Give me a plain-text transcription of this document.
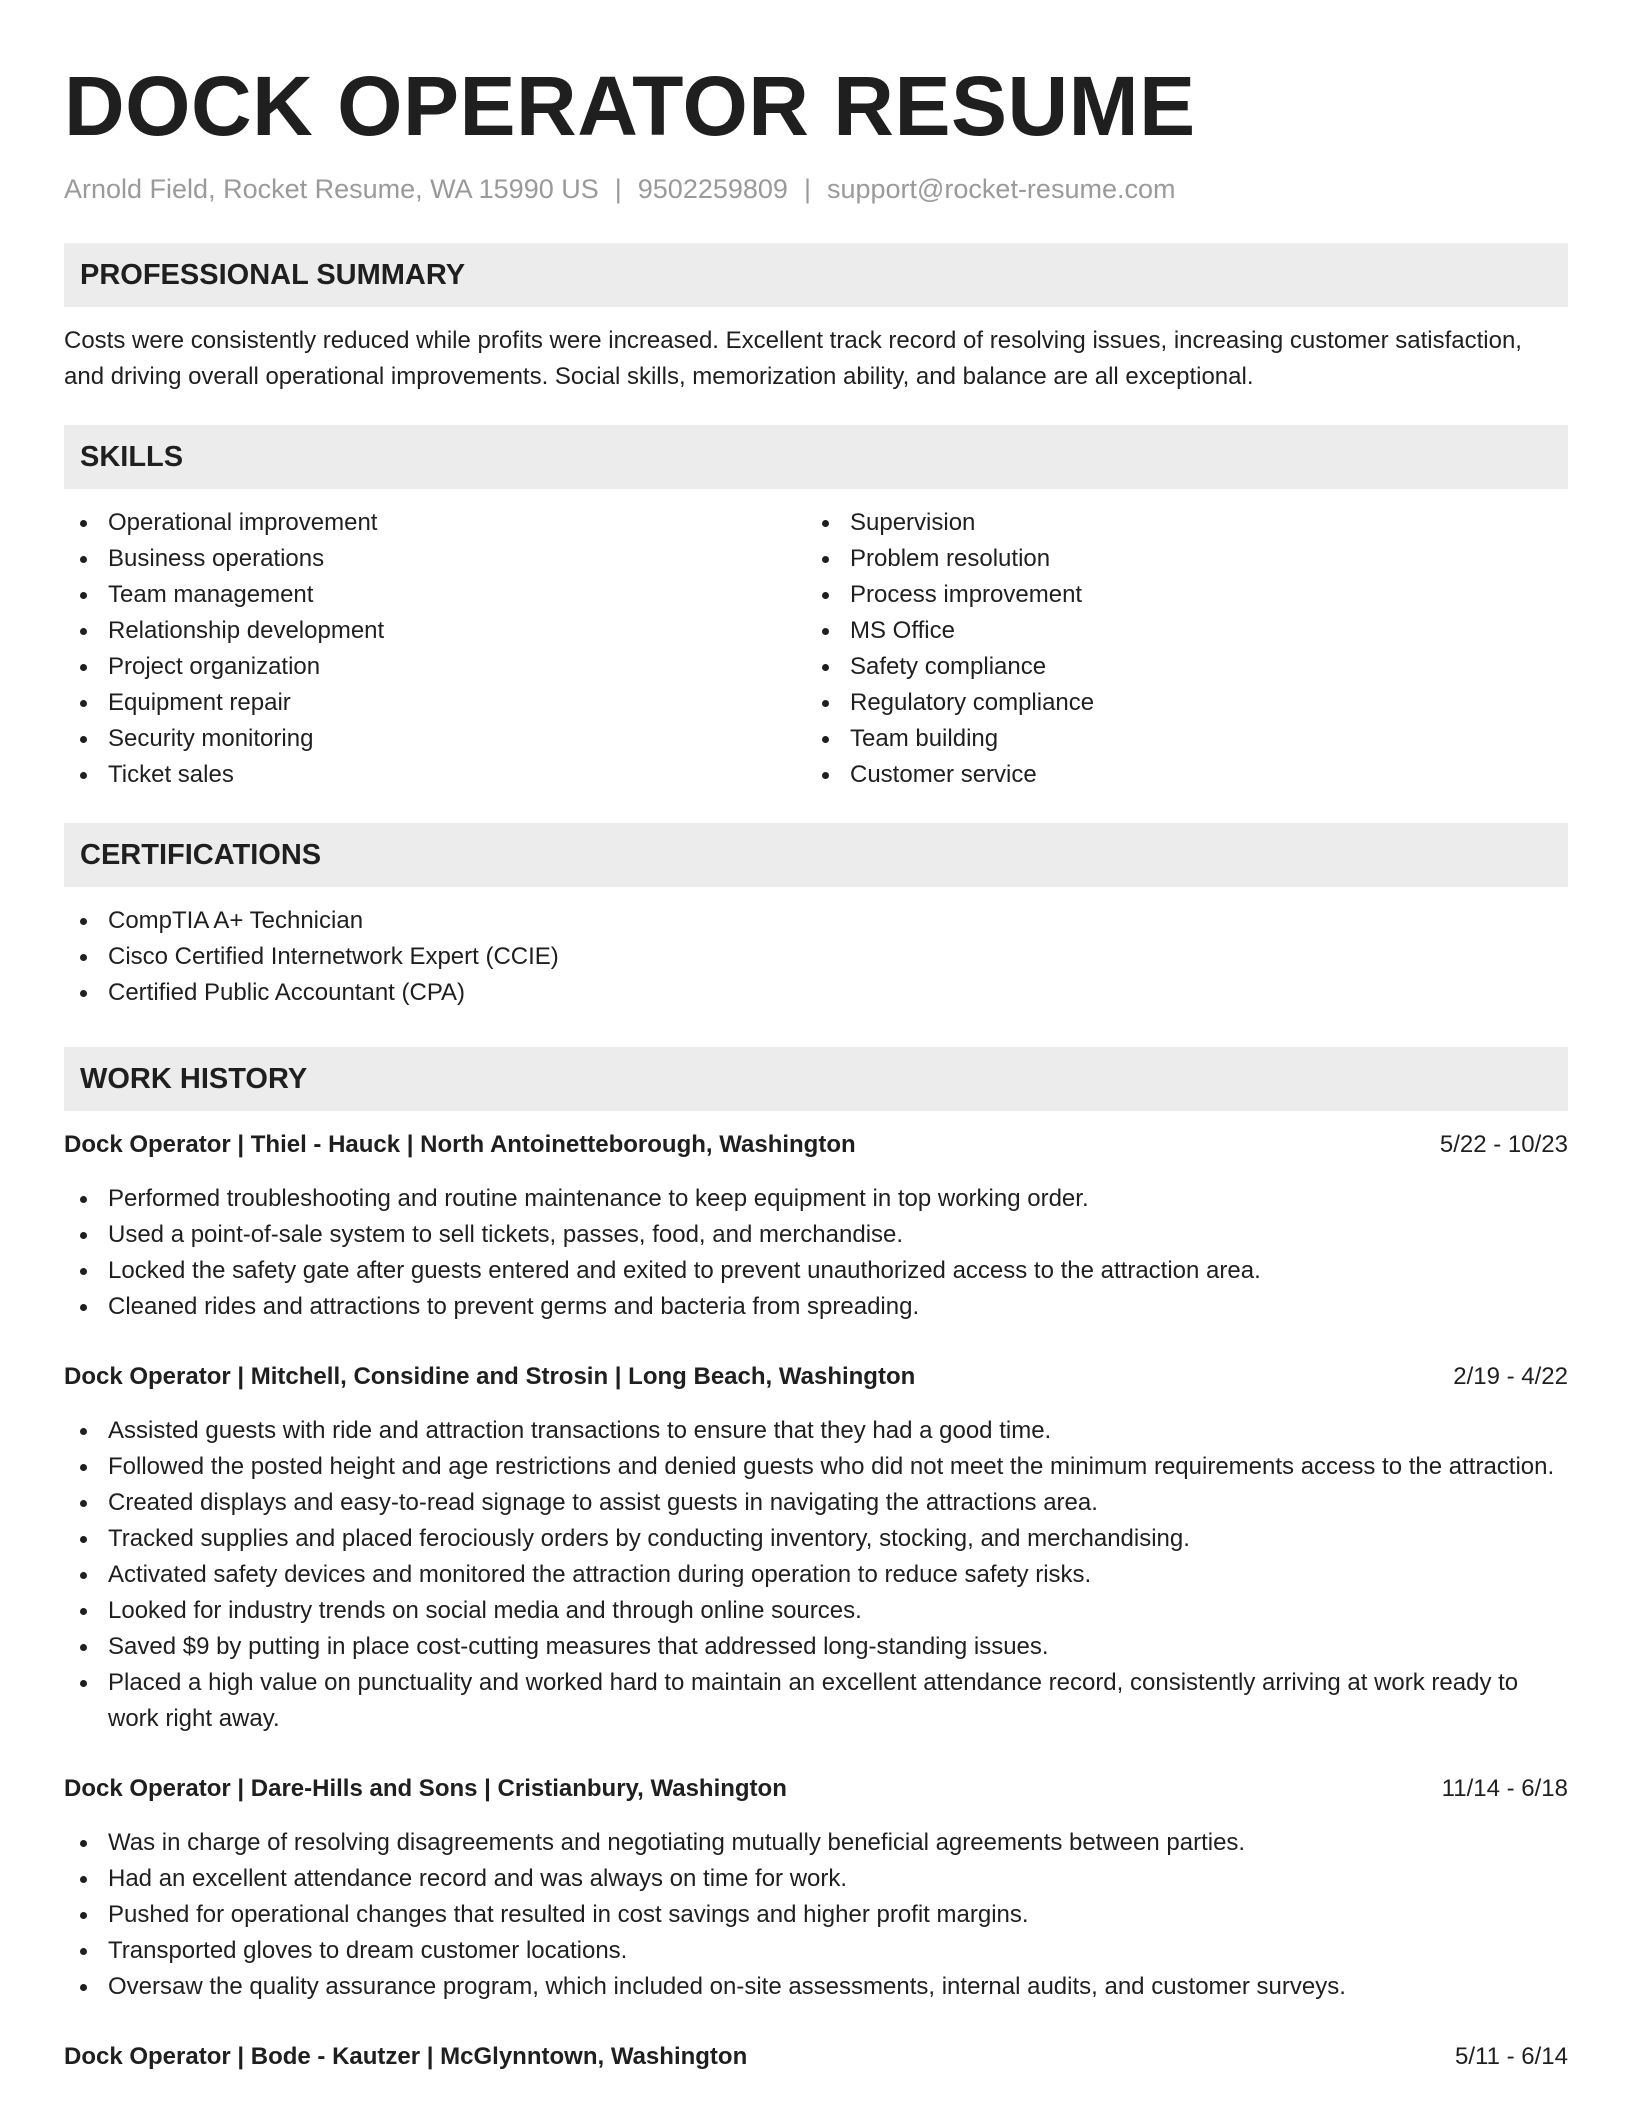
DOCK OPERATOR RESUME
Arnold Field, Rocket Resume, WA 15990 US | 9502259809 | support@rocket-resume.com
PROFESSIONAL SUMMARY

Costs were consistently reduced while profits were increased. Excellent track record of resolving issues, increasing customer satisfaction, and driving overall operational improvements. Social skills, memorization ability, and balance are all exceptional.

SKILLS
Operational improvement
Business operations
Team management
Relationship development
Project organization
Equipment repair
Security monitoring
Ticket sales
Supervision
Problem resolution
Process improvement
MS Office
Safety compliance
Regulatory compliance
Team building
Customer service
CERTIFICATIONS
CompTIA A+ Technician
Cisco Certified Internetwork Expert (CCIE)
Certified Public Accountant (CPA)
WORK HISTORY
Dock Operator | Thiel - Hauck | North Antoinetteborough, Washington	5/22 - 10/23
Performed troubleshooting and routine maintenance to keep equipment in top working order.
Used a point-of-sale system to sell tickets, passes, food, and merchandise.
Locked the safety gate after guests entered and exited to prevent unauthorized access to the attraction area.
Cleaned rides and attractions to prevent germs and bacteria from spreading.
Dock Operator | Mitchell, Considine and Strosin | Long Beach, Washington	2/19 - 4/22
Assisted guests with ride and attraction transactions to ensure that they had a good time.
Followed the posted height and age restrictions and denied guests who did not meet the minimum requirements access to the attraction.
Created displays and easy-to-read signage to assist guests in navigating the attractions area.
Tracked supplies and placed ferociously orders by conducting inventory, stocking, and merchandising.
Activated safety devices and monitored the attraction during operation to reduce safety risks.
Looked for industry trends on social media and through online sources.
Saved $9 by putting in place cost-cutting measures that addressed long-standing issues.
Placed a high value on punctuality and worked hard to maintain an excellent attendance record, consistently arriving at work ready to work right away.
Dock Operator | Dare-Hills and Sons | Cristianbury, Washington	11/14 - 6/18
Was in charge of resolving disagreements and negotiating mutually beneficial agreements between parties.
Had an excellent attendance record and was always on time for work.
Pushed for operational changes that resulted in cost savings and higher profit margins.
Transported gloves to dream customer locations.
Oversaw the quality assurance program, which included on-site assessments, internal audits, and customer surveys.
Dock Operator | Bode - Kautzer | McGlynntown, Washington	5/11 - 6/14
